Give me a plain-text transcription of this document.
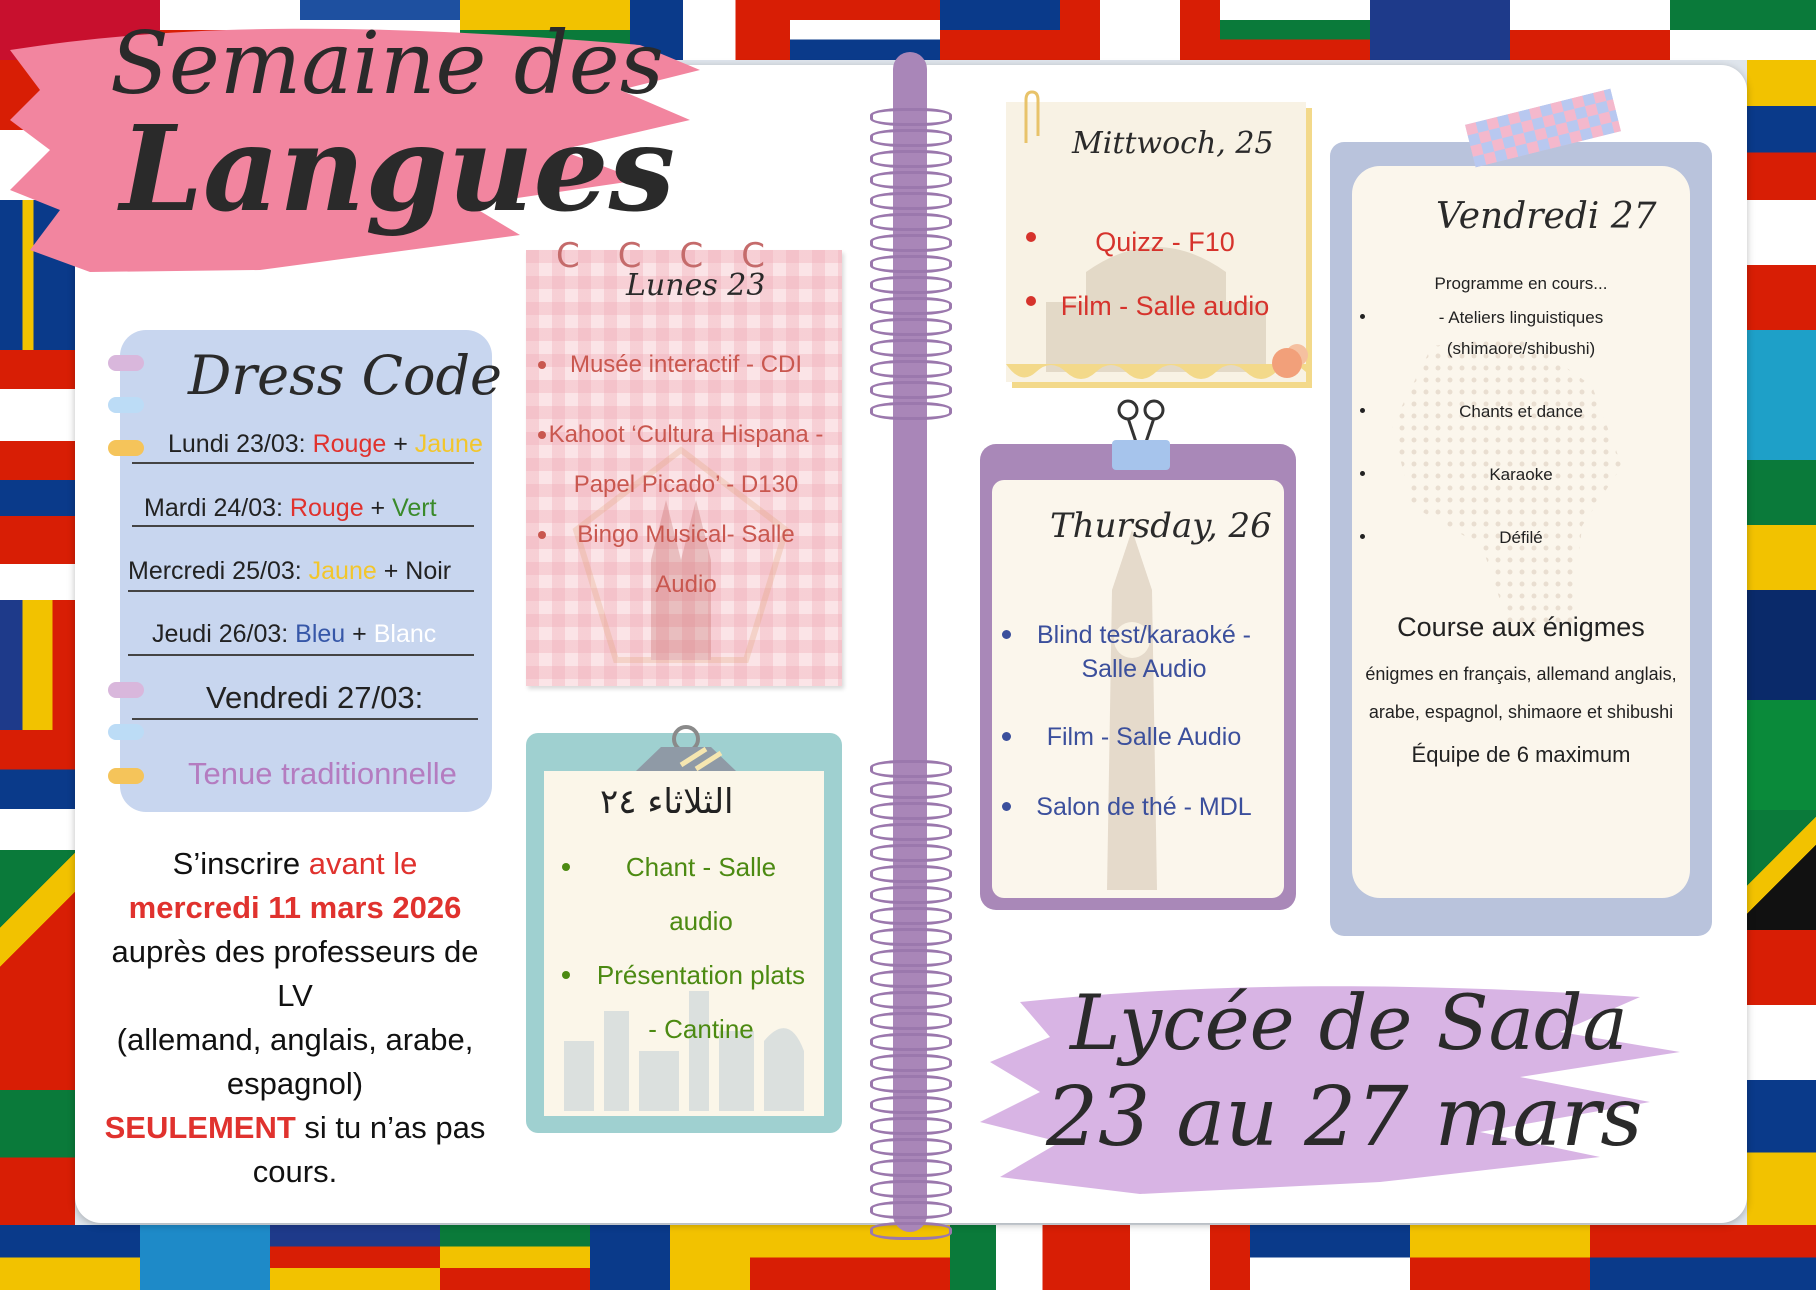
Semaine des
Langues
Dress Code
Lundi 23/03: Rouge + Jaune
Mardi 24/03: Rouge + Vert
Mercredi 25/03: Jaune + Noir
Jeudi 26/03: Bleu + Blanc
Vendredi 27/03:
Tenue traditionnelle
S’inscrire avant le
mercredi 11 mars 2026
auprès des professeurs de
LV
(allemand, anglais, arabe,
espagnol)
SEULEMENT si tu n’as pas
cours.
CCCC
Lunes 23
Musée interactif - CDI
Kahoot ‘Cultura Hispana -
Papel Picado’ - D130
Bingo Musical- Salle
Audio
الثلاثاء ٢٤
Chant - Salle
audio
Présentation plats
- Cantine
Mittwoch, 25
Quizz - F10
Film - Salle audio
Thursday, 26
Blind test/karaoké -
Salle Audio
Film - Salle Audio
Salon de thé - MDL
Vendredi 27
Programme en cours...
- Ateliers linguistiques
(shimaore/shibushi)
Chants et dance
Karaoke
Défilé
Course aux énigmes
énigmes en français, allemand anglais,
arabe, espagnol, shimaore et shibushi
Équipe de 6 maximum
Lycée de Sada
23 au 27 mars
